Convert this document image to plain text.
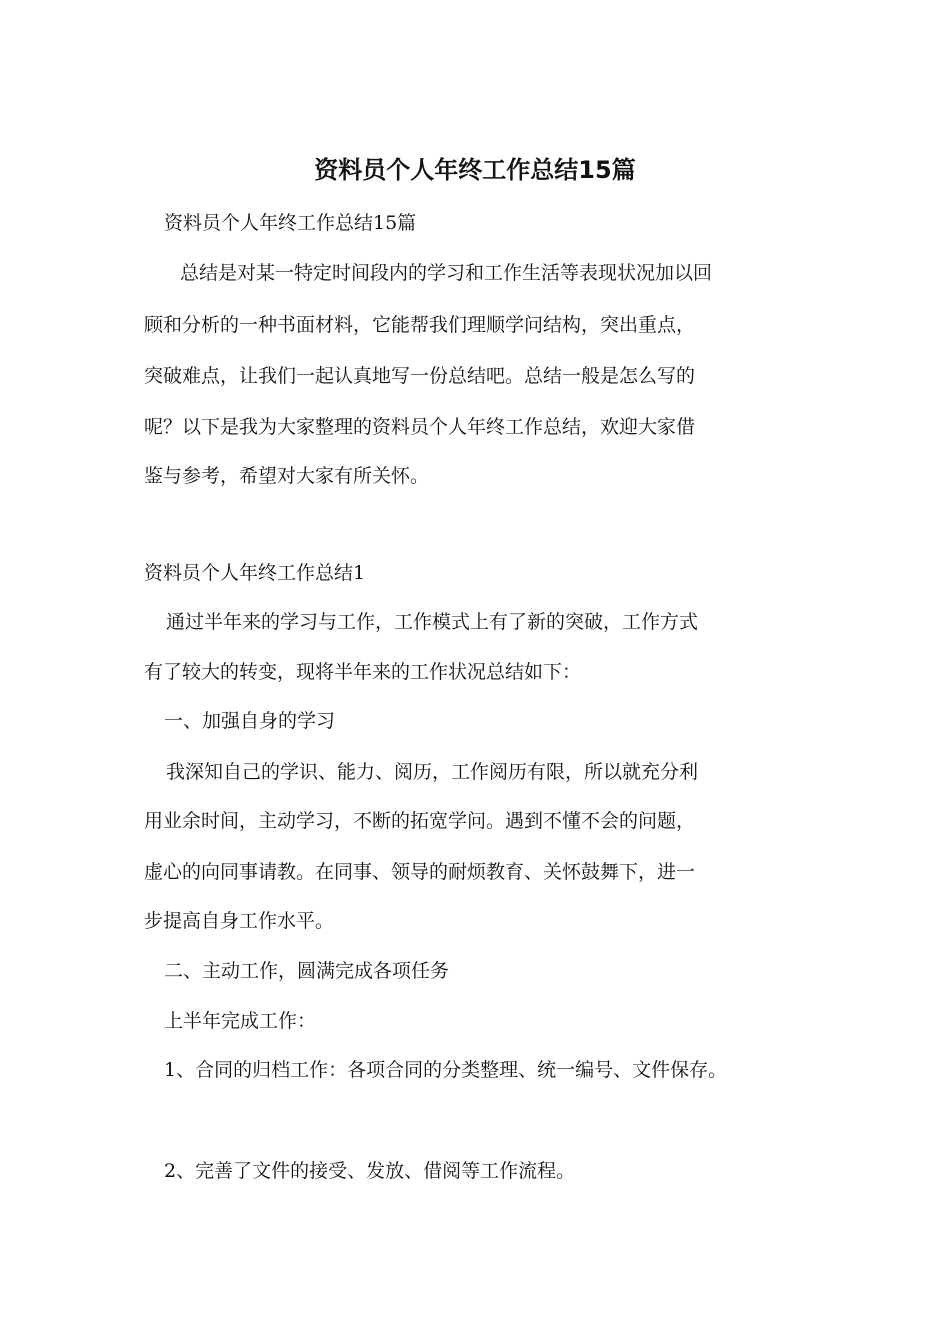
资料员个人年终工作总结15篇
资料员个人年终工作总结15篇
总结是对某一特定时间段内的学习和工作生活等表现状况加以回
顾和分析的一种书面材料，它能帮我们理顺学问结构，突出重点，
突破难点，让我们一起认真地写一份总结吧。总结一般是怎么写的
呢？以下是我为大家整理的资料员个人年终工作总结，欢迎大家借
鉴与参考，希望对大家有所关怀。
资料员个人年终工作总结1
通过半年来的学习与工作，工作模式上有了新的突破，工作方式
有了较大的转变，现将半年来的工作状况总结如下：
一、加强自身的学习
我深知自己的学识、能力、阅历，工作阅历有限，所以就充分利
用业余时间，主动学习，不断的拓宽学问。遇到不懂不会的问题，
虚心的向同事请教。在同事、领导的耐烦教育、关怀鼓舞下，进一
步提高自身工作水平。
二、主动工作，圆满完成各项任务
上半年完成工作：
1、合同的归档工作：各项合同的分类整理、统一编号、文件保存。
2、完善了文件的接受、发放、借阅等工作流程。
